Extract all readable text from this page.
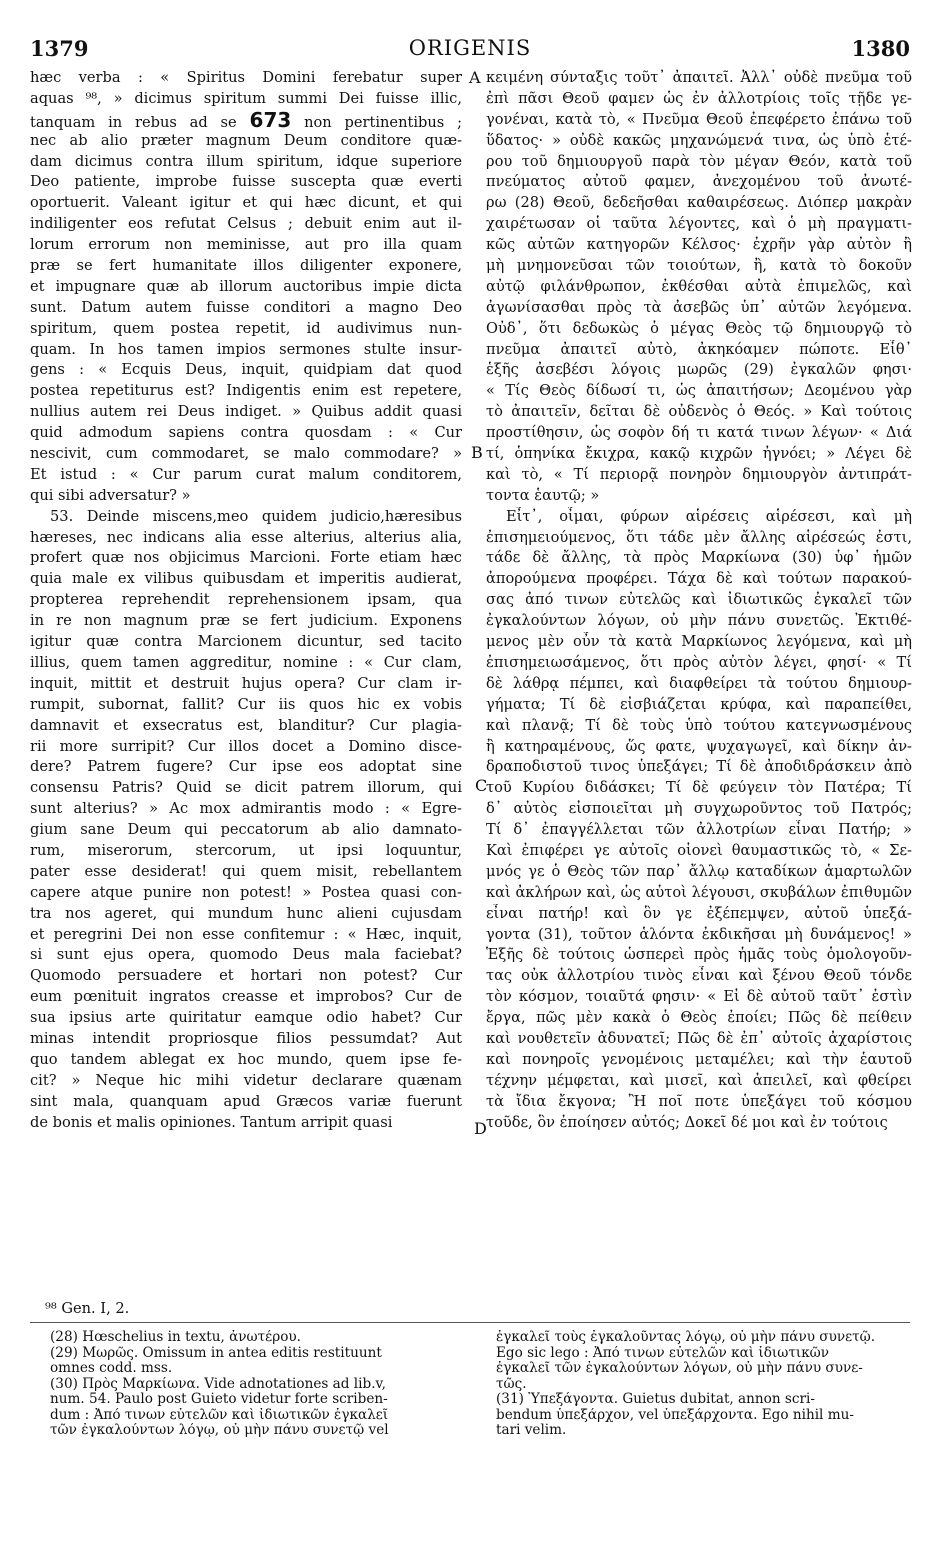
1379	ORIGENIS	1380
hæc verba : « Spiritus Domini ferebatur super
aquas ⁹⁸, » dicimus spiritum summi Dei fuisse illic,
tanquam in rebus ad se 673 non pertinentibus ;
nec ab alio præter magnum Deum conditore quæ-
dam dicimus contra illum spiritum, idque superiore
Deo patiente, improbe fuisse suscepta quæ everti
oportuerit. Valeant igitur et qui hæc dicunt, et qui
indiligenter eos refutat Celsus ; debuit enim aut il-
lorum errorum non meminisse, aut pro illa quam
præ se fert humanitate illos diligenter exponere,
et impugnare quæ ab illorum auctoribus impie dicta
sunt. Datum autem fuisse conditori a magno Deo
spiritum, quem postea repetit, id audivimus nun-
quam. In hos tamen impios sermones stulte insur-
gens : « Ecquis Deus, inquit, quidpiam dat quod
postea repetiturus est? Indigentis enim est repetere,
nullius autem rei Deus indiget. » Quibus addit quasi
quid admodum sapiens contra quosdam : « Cur
nescivit, cum commodaret, se malo commodare? »
Et istud : « Cur parum curat malum conditorem,
qui sibi adversatur? »
53. Deinde miscens,meo quidem judicio,hæresibus
hæreses, nec indicans alia esse alterius, alterius alia,
profert quæ nos objicimus Marcioni. Forte etiam hæc
quia male ex vilibus quibusdam et imperitis audierat,
propterea reprehendit reprehensionem ipsam, qua
in re non magnum præ se fert judicium. Exponens
igitur quæ contra Marcionem dicuntur, sed tacito
illius, quem tamen aggreditur, nomine : « Cur clam,
inquit, mittit et destruit hujus opera? Cur clam ir-
rumpit, subornat, fallit? Cur iis quos hic ex vobis
damnavit et exsecratus est, blanditur? Cur plagia-
rii more surripit? Cur illos docet a Domino disce-
dere? Patrem fugere? Cur ipse eos adoptat sine
consensu Patris? Quid se dicit patrem illorum, qui
sunt alterius? » Ac mox admirantis modo : « Egre-
gium sane Deum qui peccatorum ab alio damnato-
rum, miserorum, stercorum, ut ipsi loquuntur,
pater esse desiderat! qui quem misit, rebellantem
capere atque punire non potest! » Postea quasi con-
tra nos ageret, qui mundum hunc alieni cujusdam
et peregrini Dei non esse confitemur : « Hæc, inquit,
si sunt ejus opera, quomodo Deus mala faciebat?
Quomodo persuadere et hortari non potest? Cur
eum pœnituit ingratos creasse et improbos? Cur de
sua ipsius arte quiritatur eamque odio habet? Cur
minas intendit propriosque filios pessumdat? Aut
quo tandem ablegat ex hoc mundo, quem ipse fe-
cit? » Neque hic mihi videtur declarare quænam
sint mala, quanquam apud Græcos variæ fuerunt
de bonis et malis opiniones. Tantum arripit quasi
κειμένη σύνταξις τοῦτ᾽ ἀπαιτεῖ. Ἀλλ᾽ οὐδὲ πνεῦμα τοῦ
ἐπὶ πᾶσι Θεοῦ φαμεν ὡς ἐν ἀλλοτρίοις τοῖς τῇδε γε-
γονέναι, κατὰ τὸ, « Πνεῦμα Θεοῦ ἐπεφέρετο ἐπάνω τοῦ
ὕδατος· » οὐδὲ κακῶς μηχανώμενά τινα, ὡς ὑπὸ ἑτέ-
ρου τοῦ δημιουργοῦ παρὰ τὸν μέγαν Θεόν, κατὰ τοῦ
πνεύματος αὐτοῦ φαμεν, ἀνεχομένου τοῦ ἀνωτέ-
ρω (28) Θεοῦ, δεδεῆσθαι καθαιρέσεως. Διόπερ μακρὰν
χαιρέτωσαν οἱ ταῦτα λέγοντες, καὶ ὁ μὴ πραγματι-
κῶς αὐτῶν κατηγορῶν Κέλσος· ἐχρῆν γὰρ αὐτὸν ἢ
μὴ μνημονεῦσαι τῶν τοιούτων, ἢ, κατὰ τὸ δοκοῦν
αὐτῷ φιλάνθρωπον, ἐκθέσθαι αὐτὰ ἐπιμελῶς, καὶ
ἀγωνίσασθαι πρὸς τὰ ἀσεβῶς ὑπ᾽ αὐτῶν λεγόμενα.
Οὐδ᾽, ὅτι δεδωκὼς ὁ μέγας Θεὸς τῷ δημιουργῷ τὸ
πνεῦμα ἀπαιτεῖ αὐτὸ, ἀκηκόαμεν πώποτε. Εἶθ᾽
ἑξῆς ἀσεβέσι λόγοις μωρῶς (29) ἐγκαλῶν φησι·
« Τίς Θεὸς δίδωσί τι, ὡς ἀπαιτήσων; Δεομένου γὰρ
τὸ ἀπαιτεῖν, δεῖται δὲ οὐδενὸς ὁ Θεός. » Καὶ τούτοις
προστίθησιν, ὡς σοφὸν δή τι κατά τινων λέγων· « Διά
τί, ὁπηνίκα ἔκιχρα, κακῷ κιχρῶν ἠγνόει; » Λέγει δὲ
καὶ τὸ, « Τί περιορᾷ πονηρὸν δημιουργὸν ἀντιπράτ-
τοντα ἑαυτῷ; »
Εἶτ᾽, οἶμαι, φύρων αἱρέσεις αἱρέσεσι, καὶ μὴ
ἐπισημειούμενος, ὅτι τάδε μὲν ἄλλης αἱρέσεώς ἐστι,
τάδε δὲ ἄλλης, τὰ πρὸς Μαρκίωνα (30) ὑφ᾽ ἡμῶν
ἀπορούμενα προφέρει. Τάχα δὲ καὶ τούτων παρακού-
σας ἀπό τινων εὐτελῶς καὶ ἰδιωτικῶς ἐγκαλεῖ τῶν
ἐγκαλούντων λόγων, οὐ μὴν πάνυ συνετῶς. Ἐκτιθέ-
μενος μὲν οὖν τὰ κατὰ Μαρκίωνος λεγόμενα, καὶ μὴ
ἐπισημειωσάμενος, ὅτι πρὸς αὐτὸν λέγει, φησί· « Τί
δὲ λάθρᾳ πέμπει, καὶ διαφθείρει τὰ τούτου δημιουρ-
γήματα; Τί δὲ εἰσβιάζεται κρύφα, καὶ παραπείθει,
καὶ πλανᾷ; Τί δὲ τοὺς ὑπὸ τούτου κατεγνωσμένους
ἢ κατηραμένους, ὥς φατε, ψυχαγωγεῖ, καὶ δίκην ἀν-
δραποδιστοῦ τινος ὑπεξάγει; Τί δὲ ἀποδιδράσκειν ἀπὸ
τοῦ Κυρίου διδάσκει; Τί δὲ φεύγειν τὸν Πατέρα; Τί
δ᾽ αὐτὸς εἰσποιεῖται μὴ συγχωροῦντος τοῦ Πατρός;
Τί δ᾽ ἐπαγγέλλεται τῶν ἀλλοτρίων εἶναι Πατήρ; »
Καὶ ἐπιφέρει γε αὐτοῖς οἱονεὶ θαυμαστικῶς τὸ, « Σε-
μνός γε ὁ Θεὸς τῶν παρ᾽ ἄλλῳ καταδίκων ἁμαρτωλῶν
καὶ ἀκλήρων καὶ, ὡς αὐτοὶ λέγουσι, σκυβάλων ἐπιθυμῶν
εἶναι πατήρ! καὶ ὃν γε ἐξέπεμψεν, αὐτοῦ ὑπεξά-
γοντα (31), τοῦτον ἁλόντα ἐκδικῆσαι μὴ δυνάμενος! »
Ἑξῆς δὲ τούτοις ὡσπερεὶ πρὸς ἡμᾶς τοὺς ὁμολογοῦν-
τας οὐκ ἀλλοτρίου τινὸς εἶναι καὶ ξένου Θεοῦ τόνδε
τὸν κόσμον, τοιαῦτά φησιν· « Εἰ δὲ αὐτοῦ ταῦτ᾽ ἐστὶν
ἔργα, πῶς μὲν κακὰ ὁ Θεὸς ἐποίει; Πῶς δὲ πείθειν
καὶ νουθετεῖν ἀδυνατεῖ; Πῶς δὲ ἐπ᾽ αὐτοῖς ἀχαρίστοις
καὶ πονηροῖς γενομένοις μεταμέλει; καὶ τὴν ἑαυτοῦ
τέχνην μέμφεται, καὶ μισεῖ, καὶ ἀπειλεῖ, καὶ φθείρει
τὰ ἴδια ἔκγονα; Ἢ ποῖ ποτε ὑπεξάγει τοῦ κόσμου
τοῦδε, ὃν ἐποίησεν αὐτός; Δοκεῖ δέ μοι καὶ ἐν τούτοις
A
B
C
D
⁹⁸ Gen. I, 2.
(28) Hœschelius in textu, ἀνωτέρου.
(29) Μωρῶς. Omissum in antea editis restituunt
omnes codd. mss.
(30) Πρὸς Μαρκίωνα. Vide adnotationes ad lib.v,
num. 54. Paulo post Guieto videtur forte scriben-
dum : Ἀπό τινων εὐτελῶν καὶ ἰδιωτικῶν ἐγκαλεῖ
τῶν ἐγκαλούντων λόγῳ, οὐ μὴν πάνυ συνετῷ vel
ἐγκαλεῖ τοὺς ἐγκαλοῦντας λόγῳ, οὐ μὴν πάνυ συνετῷ.
Ego sic lego : Ἀπό τινων εὐτελῶν καὶ ἰδιωτικῶν
ἐγκαλεῖ τῶν ἐγκαλούντων λόγων, οὐ μὴν πάνυ συνε-
τῶς.
(31) Ὑπεξάγοντα. Guietus dubitat, annon scri-
bendum ὑπεξάρχον, vel ὑπεξάρχοντα. Ego nihil mu-
tari velim.
